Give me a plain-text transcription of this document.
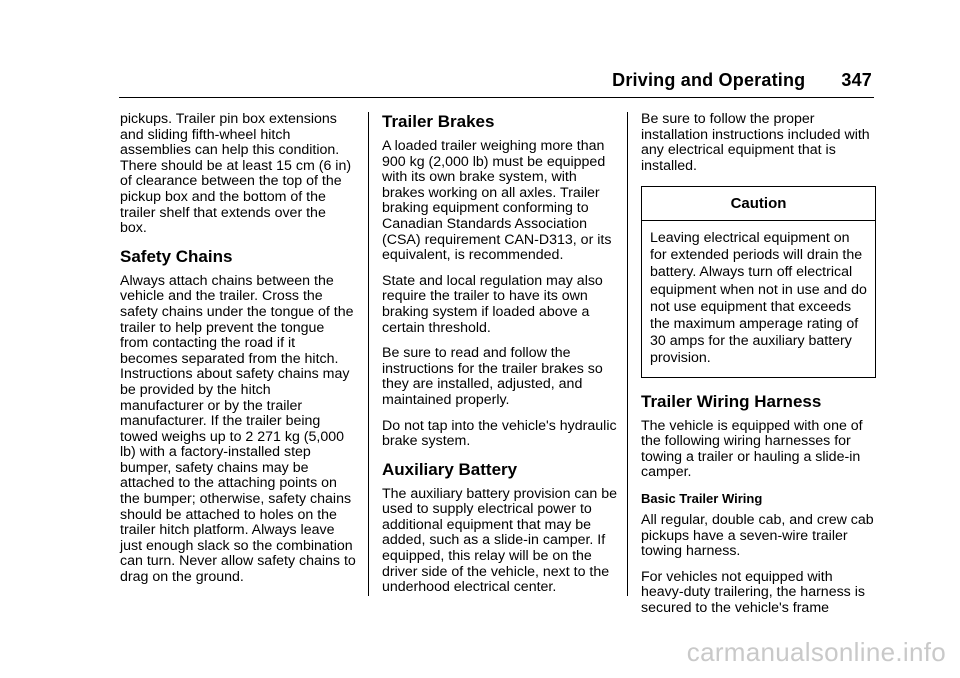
Driving and Operating 347

pickups. Trailer pin box extensions and sliding fifth-wheel hitch assemblies can help this condition. There should be at least 15 cm (6 in) of clearance between the top of the pickup box and the bottom of the trailer shelf that extends over the box.

Safety Chains

Always attach chains between the vehicle and the trailer. Cross the safety chains under the tongue of the trailer to help prevent the tongue from contacting the road if it becomes separated from the hitch. Instructions about safety chains may be provided by the hitch manufacturer or by the trailer manufacturer. If the trailer being towed weighs up to 2 271 kg (5,000 lb) with a factory-installed step bumper, safety chains may be attached to the attaching points on the bumper; otherwise, safety chains should be attached to holes on the trailer hitch platform. Always leave just enough slack so the combination can turn. Never allow safety chains to drag on the ground.

Trailer Brakes

A loaded trailer weighing more than 900 kg (2,000 lb) must be equipped with its own brake system, with brakes working on all axles. Trailer braking equipment conforming to Canadian Standards Association (CSA) requirement CAN-D313, or its equivalent, is recommended.

State and local regulation may also require the trailer to have its own braking system if loaded above a certain threshold.

Be sure to read and follow the instructions for the trailer brakes so they are installed, adjusted, and maintained properly.

Do not tap into the vehicle's hydraulic brake system.

Auxiliary Battery

The auxiliary battery provision can be used to supply electrical power to additional equipment that may be added, such as a slide-in camper. If equipped, this relay will be on the driver side of the vehicle, next to the underhood electrical center.

Be sure to follow the proper installation instructions included with any electrical equipment that is installed.

Caution
Leaving electrical equipment on for extended periods will drain the battery. Always turn off electrical equipment when not in use and do not use equipment that exceeds the maximum amperage rating of 30 amps for the auxiliary battery provision.
Trailer Wiring Harness

The vehicle is equipped with one of the following wiring harnesses for towing a trailer or hauling a slide-in camper.

Basic Trailer Wiring

All regular, double cab, and crew cab pickups have a seven-wire trailer towing harness.

For vehicles not equipped with heavy-duty trailering, the harness is secured to the vehicle's frame

carmanualsonline.info
